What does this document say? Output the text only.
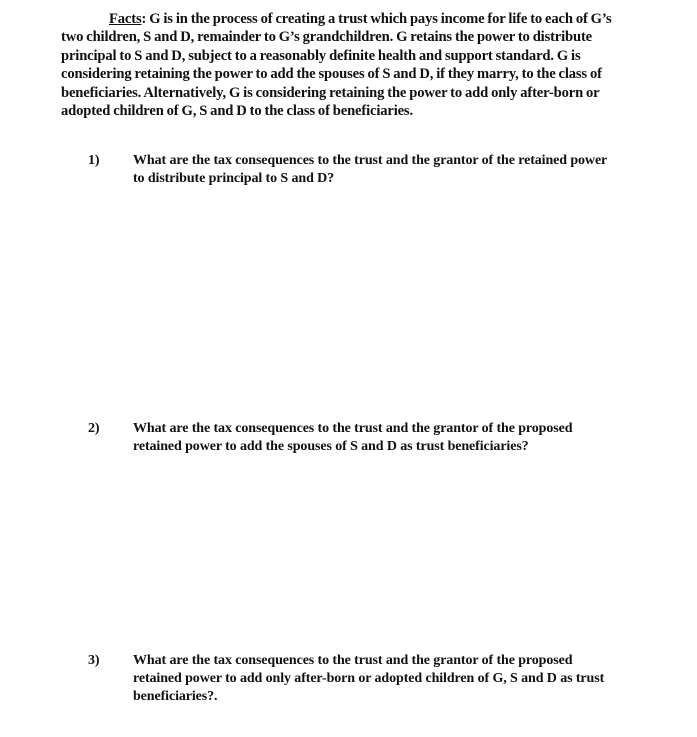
Facts: G is in the process of creating a trust which pays income for life to each of G’s two children, S and D, remainder to G’s grandchildren. G retains the power to distribute principal to S and D, subject to a reasonably definite health and support standard. G is considering retaining the power to add the spouses of S and D, if they marry, to the class of beneficiaries. Alternatively, G is considering retaining the power to add only after-born or adopted children of G, S and D to the class of beneficiaries.
1) What are the tax consequences to the trust and the grantor of the retained power to distribute principal to S and D?
2) What are the tax consequences to the trust and the grantor of the proposed retained power to add the spouses of S and D as trust beneficiaries?
3) What are the tax consequences to the trust and the grantor of the proposed retained power to add only after-born or adopted children of G, S and D as trust beneficiaries?.
